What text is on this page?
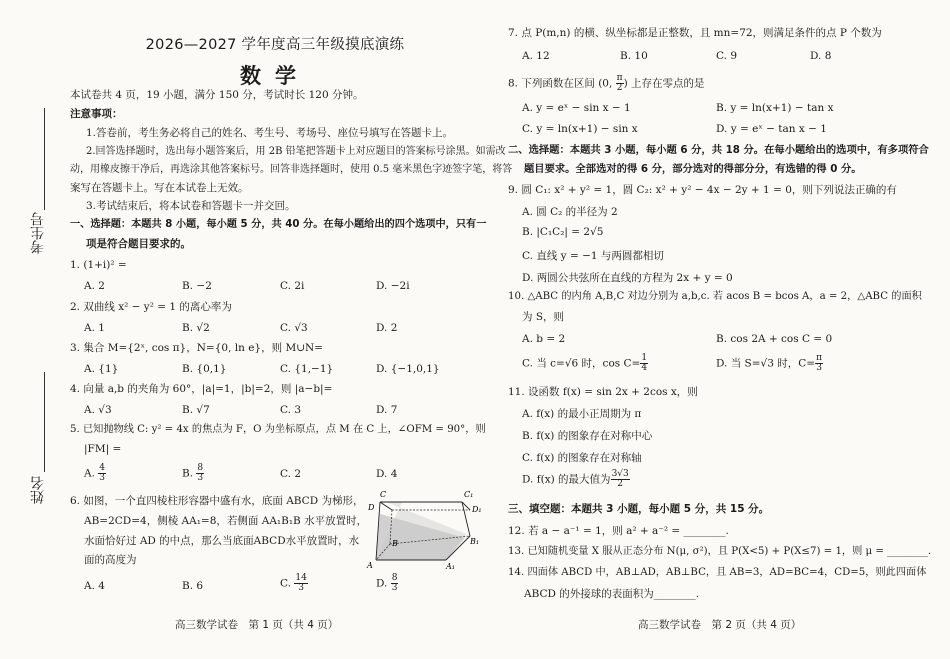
考生号
姓名
2026—2027 学年度高三年级摸底演练
数学
本试卷共 4 页，19 小题，满分 150 分，考试时长 120 分钟。
注意事项：
1.答卷前，考生务必将自己的姓名、考生号、考场号、座位号填写在答题卡上。
2.回答选择题时，选出每小题答案后，用 2B 铅笔把答题卡上对应题目的答案标号涂黑。如需改
动，用橡皮擦干净后，再选涂其他答案标号。回答非选择题时，使用 0.5 毫米黑色字迹签字笔，将答
案写在答题卡上。写在本试卷上无效。
3.考试结束后，将本试卷和答题卡一并交回。
一、选择题：本题共 8 小题，每小题 5 分，共 40 分。在每小题给出的四个选项中，只有一
项是符合题目要求的。
1. (1+i)² =
A. 2	B. −2	C. 2i	D. −2i
2. 双曲线 x² − y² = 1 的离心率为
A. 1	B. √2	C. √3	D. 2
3. 集合 M={2ˣ, cos π}，N={0, ln e}，则 M∪N=
A. {1}	B. {0,1}	C. {1,−1}	D. {−1,0,1}
4. 向量 a,b 的夹角为 60°，|a|=1，|b|=2，则 |a−b|=
A. √3	B. √7	C. 3	D. 7
5. 已知抛物线 C: y² = 4x 的焦点为 F，O 为坐标原点，点 M 在 C 上，∠OFM = 90°，则
|FM| =
A. $\frac{4}{3}$	B. $\frac{8}{3}$	C. 2	D. 4
6. 如图，一个直四棱柱形容器中盛有水，底面 ABCD 为梯形，
AB=2CD=4，侧棱 AA₁=8，若侧面 AA₁B₁B 水平放置时，
水面恰好过 AD 的中点，那么当底面ABCD水平放置时，水
面的高度为
A. 4	B. 6	C. $\frac{14}{3}$	D. $\frac{8}{3}$
高三数学试卷　第 1 页（共 4 页）
C	C₁
D	D₁
B	B₁
A	A₁
7. 点 P(m,n) 的横、纵坐标都是正整数，且 mn=72，则满足条件的点 P 个数为
A. 12	B. 10	C. 9	D. 8
8. 下列函数在区间 (0, $\frac{\pi}{2}$ ) 上存在零点的是
A. y = eˣ − sin x − 1	B. y = ln(x+1) − tan x
C. y = ln(x+1) − sin x	D. y = eˣ − tan x − 1
二、选择题：本题共 3 小题，每小题 6 分，共 18 分。在每小题给出的选项中，有多项符合
题目要求。全部选对的得 6 分，部分选对的得部分分，有选错的得 0 分。
9. 圆 C₁: x² + y² = 1，圆 C₂: x² + y² − 4x − 2y + 1 = 0，则下列说法正确的有
A. 圆 C₂ 的半径为 2
B. |C₁C₂| = 2√5
C. 直线 y = −1 与两圆都相切
D. 两圆公共弦所在直线的方程为 2x + y = 0
10. △ABC 的内角 A,B,C 对边分别为 a,b,c. 若 acos B = bcos A，a = 2，△ABC 的面积
为 S，则
A. b = 2	B. cos 2A + cos C = 0
C. 当 c=√6 时，$\cos C= \frac{1}{4}$	D. 当 S=√3 时，$C= \frac{\pi}{3}$
11. 设函数 f(x) = sin 2x + 2cos x，则
A. f(x) 的最小正周期为 π
B. f(x) 的图象存在对称中心
C. f(x) 的图象存在对称轴
D. f(x) 的最大值为 $\frac{3√3}{2}$
三、填空题：本题共 3 小题，每小题 5 分，共 15 分。
12. 若 a − a⁻¹ = 1，则 a² + a⁻² = ________.
13. 已知随机变量 X 服从正态分布 N(μ, σ²)，且 P(X<5) + P(X≤7) = 1，则 μ = ________.
14. 四面体 ABCD 中，AB⊥AD，AB⊥BC，且 AB=3，AD=BC=4，CD=5，则此四面体
ABCD 的外接球的表面积为________.
高三数学试卷　第 2 页（共 4 页）
